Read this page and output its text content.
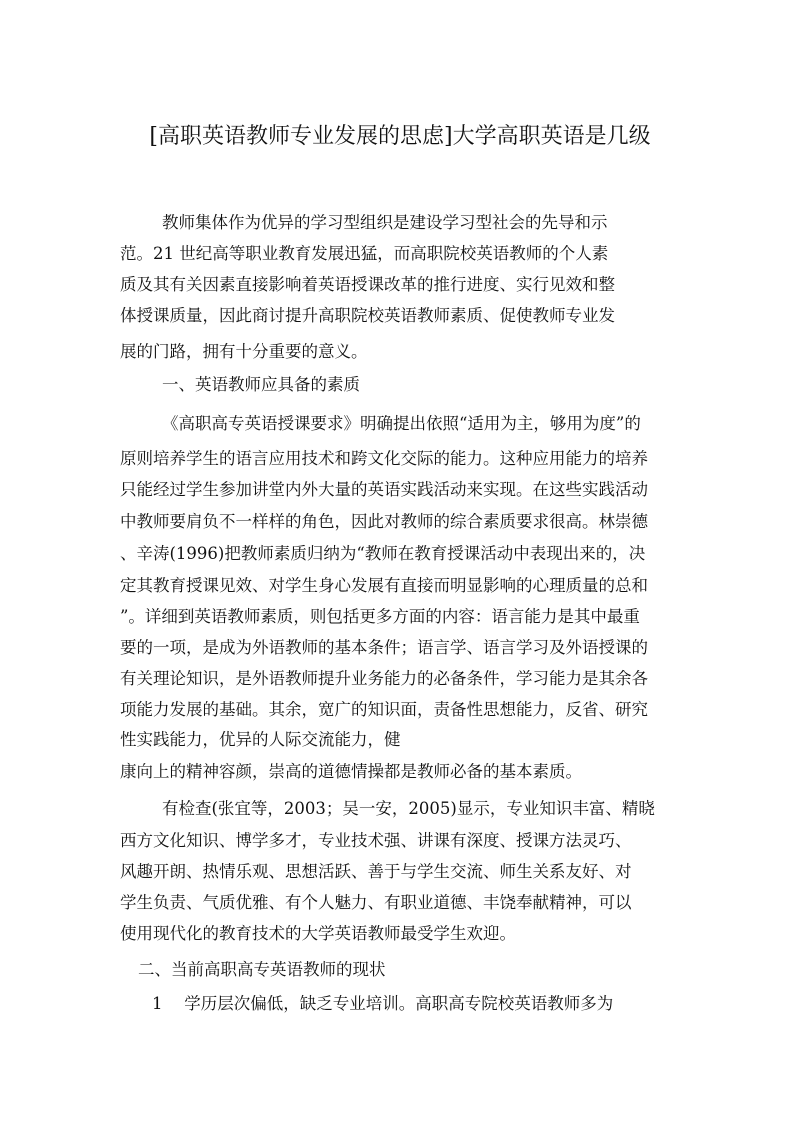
[高职英语教师专业发展的思虑]大学高职英语是几级
教师集体作为优异的学习型组织是建设学习型社会的先导和示
范。21 世纪高等职业教育发展迅猛，而高职院校英语教师的个人素
质及其有关因素直接影响着英语授课改革的推行进度、实行见效和整
体授课质量，因此商讨提升高职院校英语教师素质、促使教师专业发
展的门路，拥有十分重要的意义。
一、英语教师应具备的素质
《高职高专英语授课要求》明确提出依照“适用为主，够用为度”的
原则培养学生的语言应用技术和跨文化交际的能力。这种应用能力的培养
只能经过学生参加讲堂内外大量的英语实践活动来实现。在这些实践活动
中教师要肩负不一样样的角色，因此对教师的综合素质要求很高。林崇德
、辛涛(1996)把教师素质归纳为“教师在教育授课活动中表现出来的，决
定其教育授课见效、对学生身心发展有直接而明显影响的心理质量的总和
”。详细到英语教师素质，则包括更多方面的内容：语言能力是其中最重
要的一项，是成为外语教师的基本条件；语言学、语言学习及外语授课的
有关理论知识，是外语教师提升业务能力的必备条件，学习能力是其余各
项能力发展的基础。其余，宽广的知识面，责备性思想能力，反省、研究
性实践能力，优异的人际交流能力，健
康向上的精神容颜，崇高的道德情操都是教师必备的基本素质。
有检查(张宜等，2003；吴一安，2005)显示，专业知识丰富、精晓
西方文化知识、博学多才，专业技术强、讲课有深度、授课方法灵巧、
风趣开朗、热情乐观、思想活跃、善于与学生交流、师生关系友好、对
学生负责、气质优雅、有个人魅力、有职业道德、丰饶奉献精神，可以
使用现代化的教育技术的大学英语教师最受学生欢迎。
二、当前高职高专英语教师的现状
1　 学历层次偏低，缺乏专业培训。高职高专院校英语教师多为
